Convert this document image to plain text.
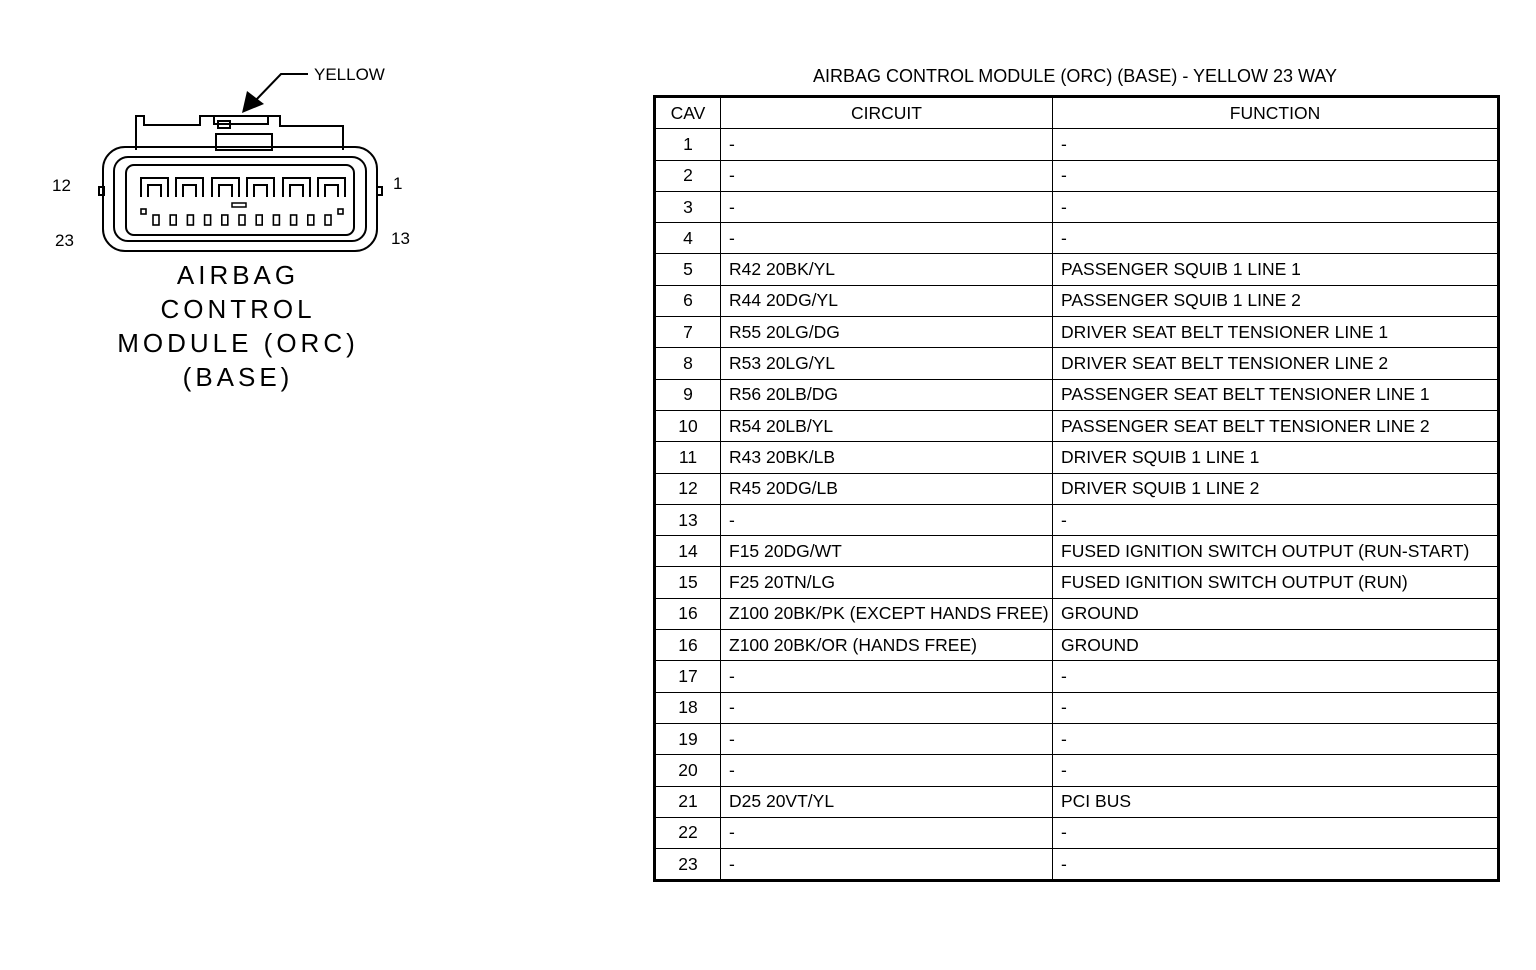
YELLOW
12	1
23	13
AIRBAG
CONTROL
MODULE (ORC)
(BASE)
AIRBAG CONTROL MODULE (ORC) (BASE) - YELLOW 23 WAY
CAV	CIRCUIT	FUNCTION
1	-	-
2	-	-
3	-	-
4	-	-
5	R42 20BK/YL	PASSENGER SQUIB 1 LINE 1
6	R44 20DG/YL	PASSENGER SQUIB 1 LINE 2
7	R55 20LG/DG	DRIVER SEAT BELT TENSIONER LINE 1
8	R53 20LG/YL	DRIVER SEAT BELT TENSIONER LINE 2
9	R56 20LB/DG	PASSENGER SEAT BELT TENSIONER LINE 1
10	R54 20LB/YL	PASSENGER SEAT BELT TENSIONER LINE 2
11	R43 20BK/LB	DRIVER SQUIB 1 LINE 1
12	R45 20DG/LB	DRIVER SQUIB 1 LINE 2
13	-	-
14	F15 20DG/WT	FUSED IGNITION SWITCH OUTPUT (RUN-START)
15	F25 20TN/LG	FUSED IGNITION SWITCH OUTPUT (RUN)
16	Z100 20BK/PK (EXCEPT HANDS FREE)	GROUND
16	Z100 20BK/OR (HANDS FREE)	GROUND
17	-	-
18	-	-
19	-	-
20	-	-
21	D25 20VT/YL	PCI BUS
22	-	-
23	-	-
